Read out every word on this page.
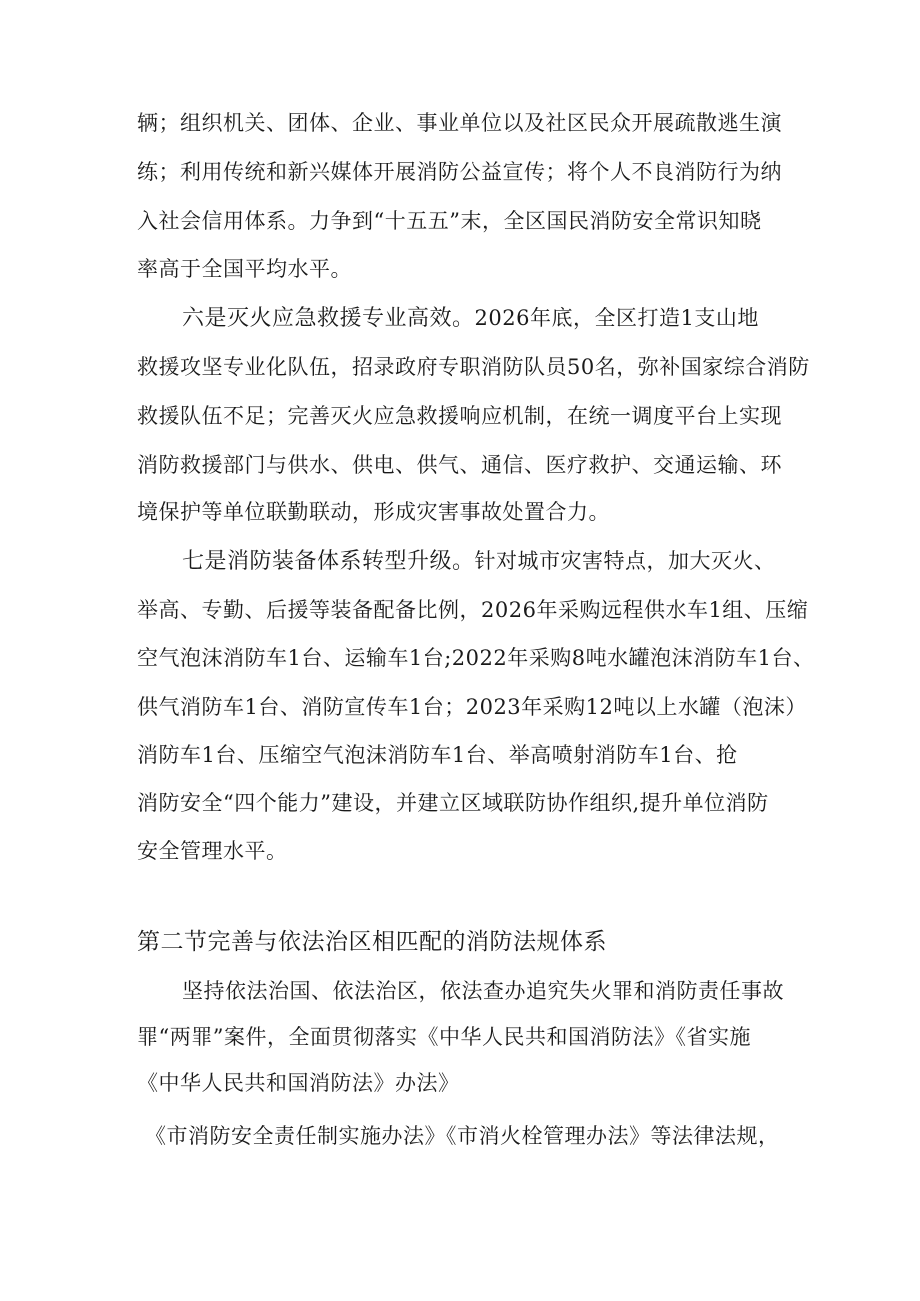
辆；组织机关、团体、企业、事业单位以及社区民众开展疏散逃生演
练；利用传统和新兴媒体开展消防公益宣传；将个人不良消防行为纳
入社会信用体系。力争到“十五五”末，全区国民消防安全常识知晓
率高于全国平均水平。
六是灭火应急救援专业高效。2026年底，全区打造1支山地
救援攻坚专业化队伍，招录政府专职消防队员50名，弥补国家综合消防
救援队伍不足；完善灭火应急救援响应机制，在统一调度平台上实现
消防救援部门与供水、供电、供气、通信、医疗救护、交通运输、环
境保护等单位联勤联动，形成灾害事故处置合力。
七是消防装备体系转型升级。针对城市灾害特点，加大灭火、
举高、专勤、后援等装备配备比例，2026年采购远程供水车1组、压缩
空气泡沫消防车1台、运输车1台;2022年采购8吨水罐泡沫消防车1台、
供气消防车1台、消防宣传车1台；2023年采购12吨以上水罐（泡沫）
消防车1台、压缩空气泡沫消防车1台、举高喷射消防车1台、抢
消防安全“四个能力”建设，并建立区域联防协作组织,提升单位消防
安全管理水平。
第二节完善与依法治区相匹配的消防法规体系
坚持依法治国、依法治区，依法查办追究失火罪和消防责任事故
罪“两罪”案件，全面贯彻落实《中华人民共和国消防法》《省实施
《中华人民共和国消防法》办法》
《市消防安全责任制实施办法》《市消火栓管理办法》等法律法规，
